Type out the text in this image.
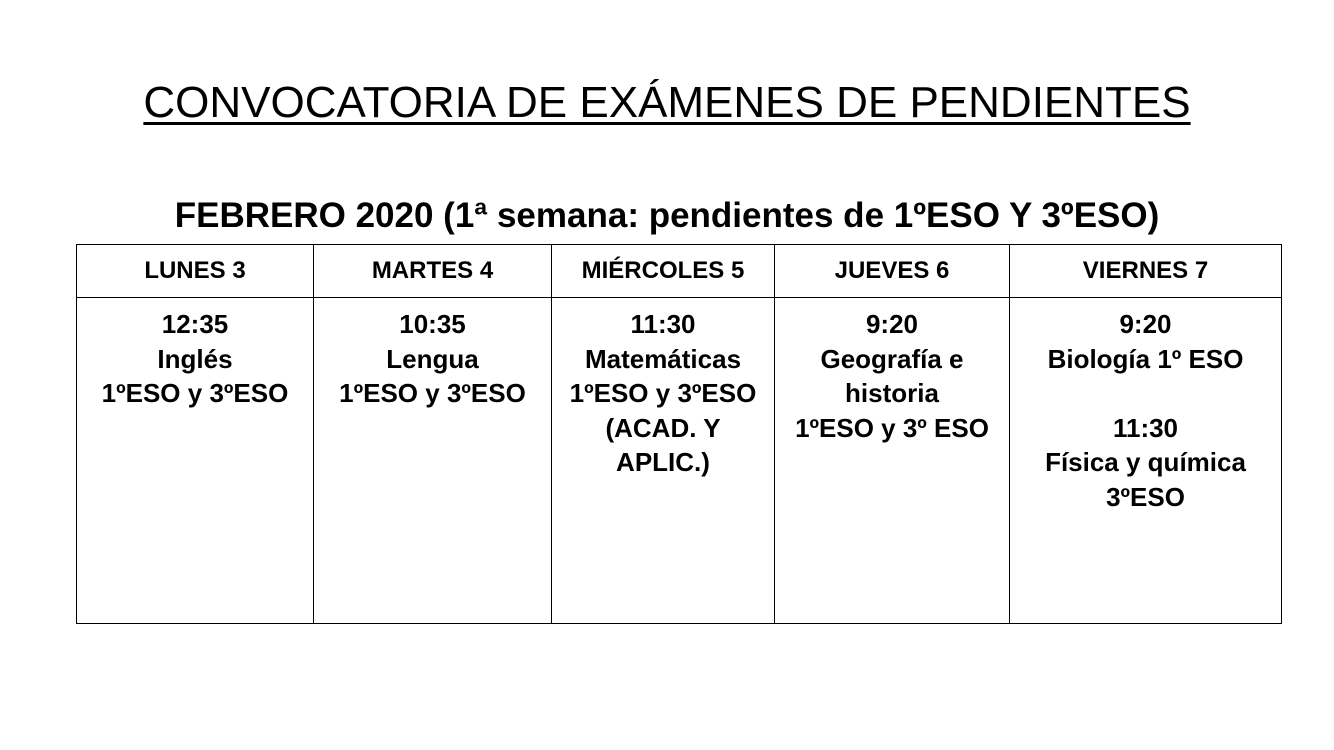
CONVOCATORIA DE EXÁMENES DE PENDIENTES
FEBRERO 2020 (1ª semana: pendientes de 1ºESO Y 3ºESO)
LUNES 3	MARTES 4	MIÉRCOLES 5	JUEVES 6	VIERNES 7

12:35
Inglés
1ºESO y 3ºESO	10:35
Lengua
1ºESO y 3ºESO	11:30
Matemáticas
1ºESO y 3ºESO
(ACAD. Y
APLIC.)	9:20
Geografía e
historia
1ºESO y 3º ESO	9:20
Biología 1º ESO
11:30
Física y química
3ºESO
